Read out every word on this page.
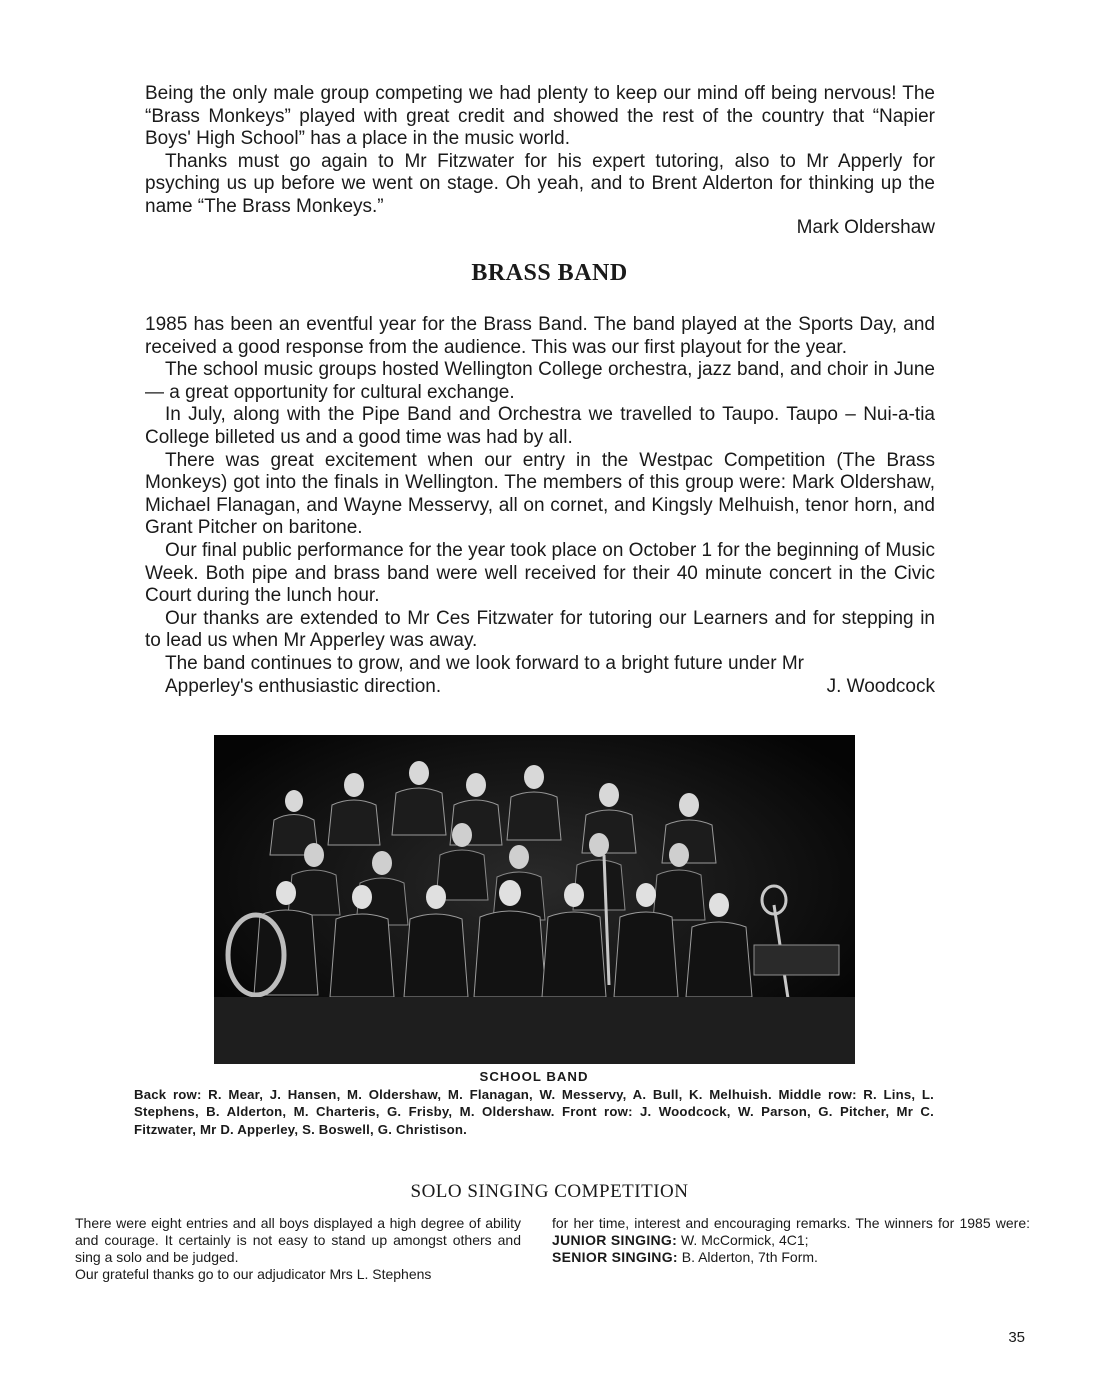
Being the only male group competing we had plenty to keep our mind off being nervous! The “Brass Monkeys” played with great credit and showed the rest of the country that “Napier Boys' High School” has a place in the music world.

Thanks must go again to Mr Fitzwater for his expert tutoring, also to Mr Apperly for psyching us up before we went on stage. Oh yeah, and to Brent Alderton for thinking up the name “The Brass Monkeys.”

Mark Oldershaw
BRASS BAND

1985 has been an eventful year for the Brass Band. The band played at the Sports Day, and received a good response from the audience. This was our first playout for the year.

The school music groups hosted Wellington College orchestra, jazz band, and choir in June — a great opportunity for cultural exchange.

In July, along with the Pipe Band and Orchestra we travelled to Taupo. Taupo – Nui-a-tia College billeted us and a good time was had by all.

There was great excitement when our entry in the Westpac Competition (The Brass Monkeys) got into the finals in Wellington. The members of this group were: Mark Oldershaw, Michael Flanagan, and Wayne Messervy, all on cornet, and Kingsly Melhuish, tenor horn, and Grant Pitcher on baritone.

Our final public performance for the year took place on October 1 for the beginning of Music Week. Both pipe and brass band were well received for their 40 minute concert in the Civic Court during the lunch hour.

Our thanks are extended to Mr Ces Fitzwater for tutoring our Learners and for stepping in to lead us when Mr Apperley was away.

The band continues to grow, and we look forward to a bright future under Mr

Apperley's enthusiastic direction.	J. Woodcock

SCHOOL BAND
Back row: R. Mear, J. Hansen, M. Oldershaw, M. Flanagan, W. Messervy, A. Bull, K. Melhuish. Middle row: R. Lins, L. Stephens, B. Alderton, M. Charteris, G. Frisby, M. Oldershaw. Front row: J. Woodcock, W. Parson, G. Pitcher, Mr C. Fitzwater, Mr D. Apperley, S. Boswell, G. Christison.
SOLO SINGING COMPETITION

There were eight entries and all boys displayed a high degree of ability and courage. It certainly is not easy to stand up amongst others and sing a solo and be judged.

Our grateful thanks go to our adjudicator Mrs L. Stephens

for her time, interest and encouraging remarks. The winners for 1985 were: JUNIOR SINGING: W. McCormick, 4C1;
SENIOR SINGING: B. Alderton, 7th Form.

35
